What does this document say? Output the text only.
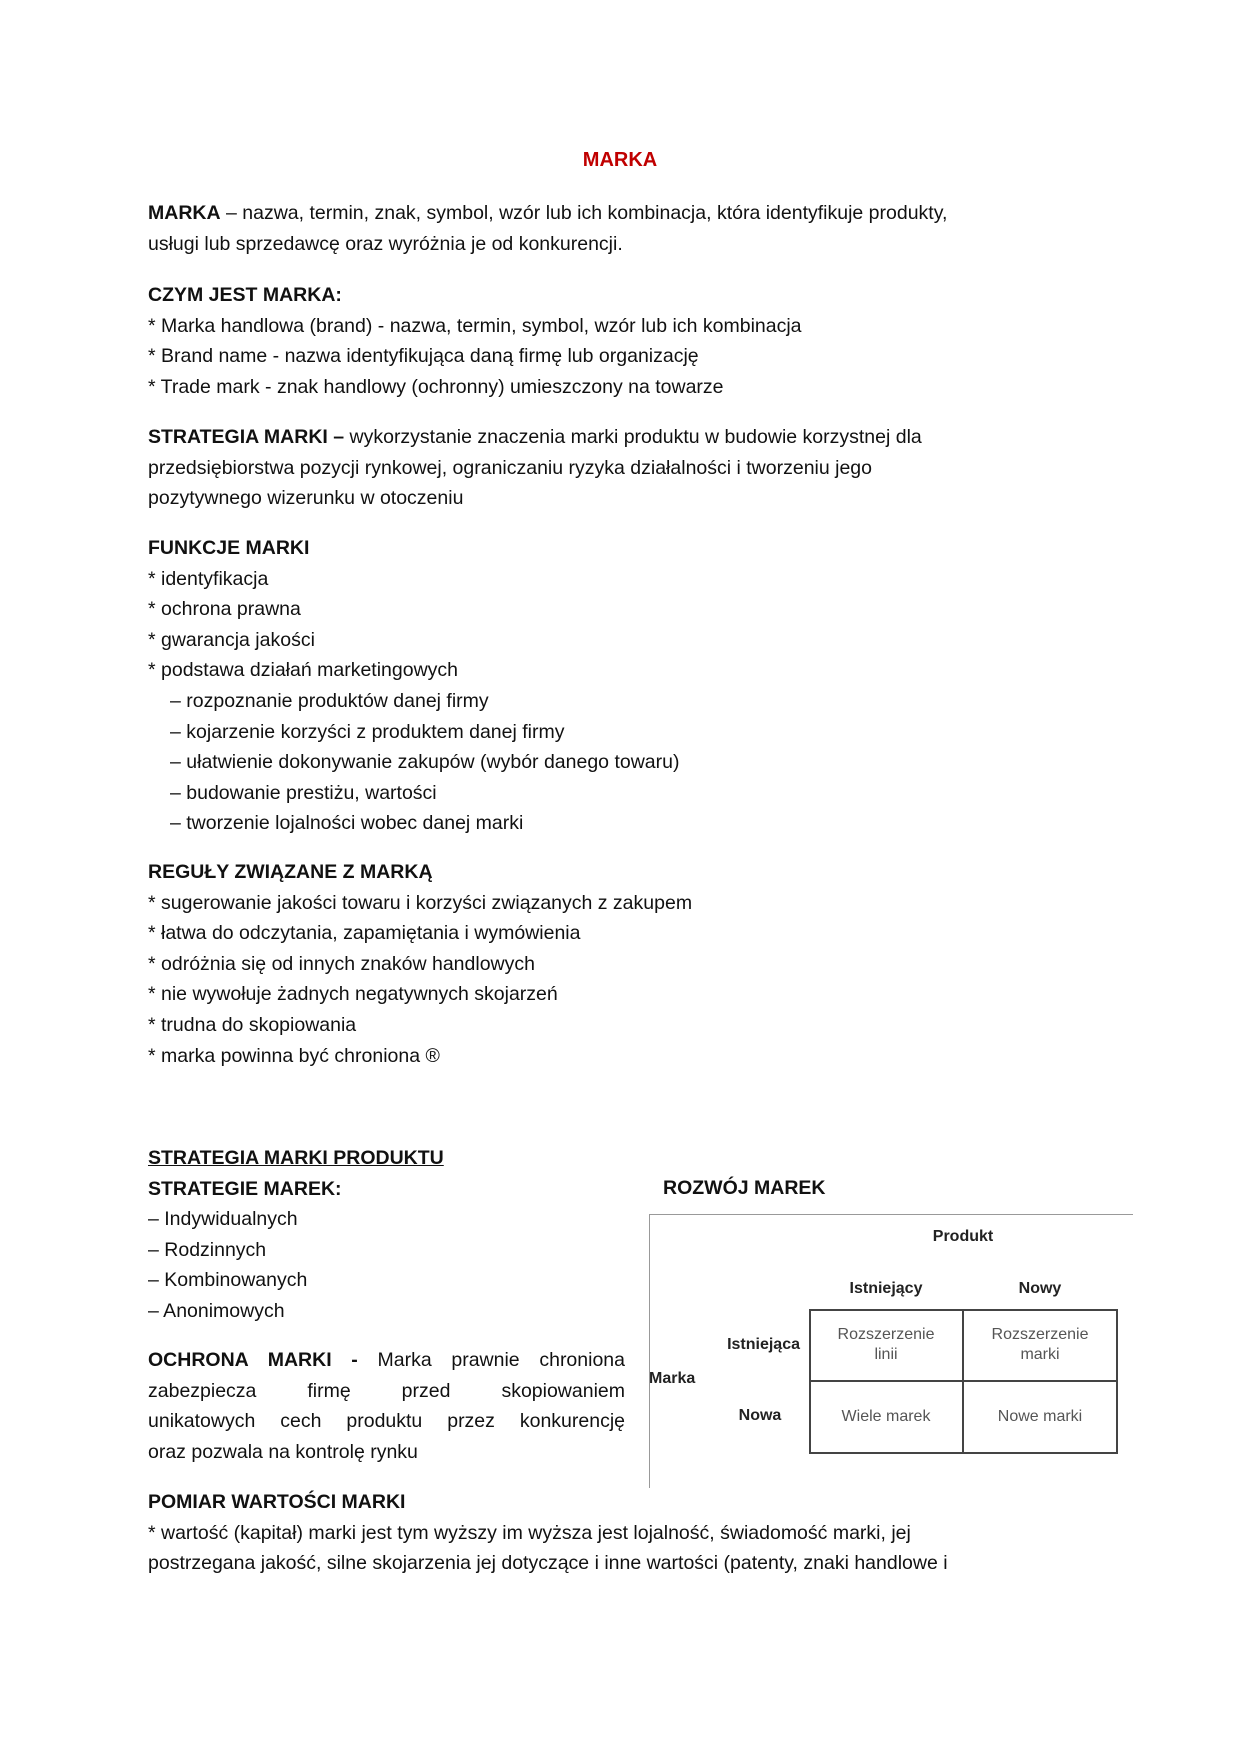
MARKA
MARKA – nazwa, termin, znak, symbol, wzór lub ich kombinacja, która identyfikuje produkty,
usługi lub sprzedawcę oraz wyróżnia je od konkurencji.
CZYM JEST MARKA:
* Marka handlowa (brand) - nazwa, termin, symbol, wzór lub ich kombinacja
* Brand name - nazwa identyfikująca daną firmę lub organizację
* Trade mark - znak handlowy (ochronny) umieszczony na towarze
STRATEGIA MARKI – wykorzystanie znaczenia marki produktu w budowie korzystnej dla
przedsiębiorstwa pozycji rynkowej, ograniczaniu ryzyka działalności i tworzeniu jego
pozytywnego wizerunku w otoczeniu
FUNKCJE MARKI
* identyfikacja
* ochrona prawna
* gwarancja jakości
* podstawa działań marketingowych
– rozpoznanie produktów danej firmy
– kojarzenie korzyści z produktem danej firmy
– ułatwienie dokonywanie zakupów (wybór danego towaru)
– budowanie prestiżu, wartości
– tworzenie lojalności wobec danej marki
REGUŁY ZWIĄZANE Z MARKĄ
* sugerowanie jakości towaru i korzyści związanych z zakupem
* łatwa do odczytania, zapamiętania i wymówienia
* odróżnia się od innych znaków handlowych
* nie wywołuje żadnych negatywnych skojarzeń
* trudna do skopiowania
* marka powinna być chroniona ®
STRATEGIA MARKI PRODUKTU
STRATEGIE MAREK:
– Indywidualnych
– Rodzinnych
– Kombinowanych
– Anonimowych
OCHRONA MARKI - Marka prawnie chroniona
zabezpiecza firmę przed skopiowaniem
unikatowych cech produktu przez konkurencję
oraz pozwala na kontrolę rynku
ROZWÓJ MAREK
Produkt
Istniejący	Nowy
Istniejąca
Nowa
Marka
Rozszerzenie linii
Rozszerzenie marki
Wiele marek	Nowe marki
POMIAR WARTOŚCI MARKI
* wartość (kapitał) marki jest tym wyższy im wyższa jest lojalność, świadomość marki, jej
postrzegana jakość, silne skojarzenia jej dotyczące i inne wartości (patenty, znaki handlowe i
